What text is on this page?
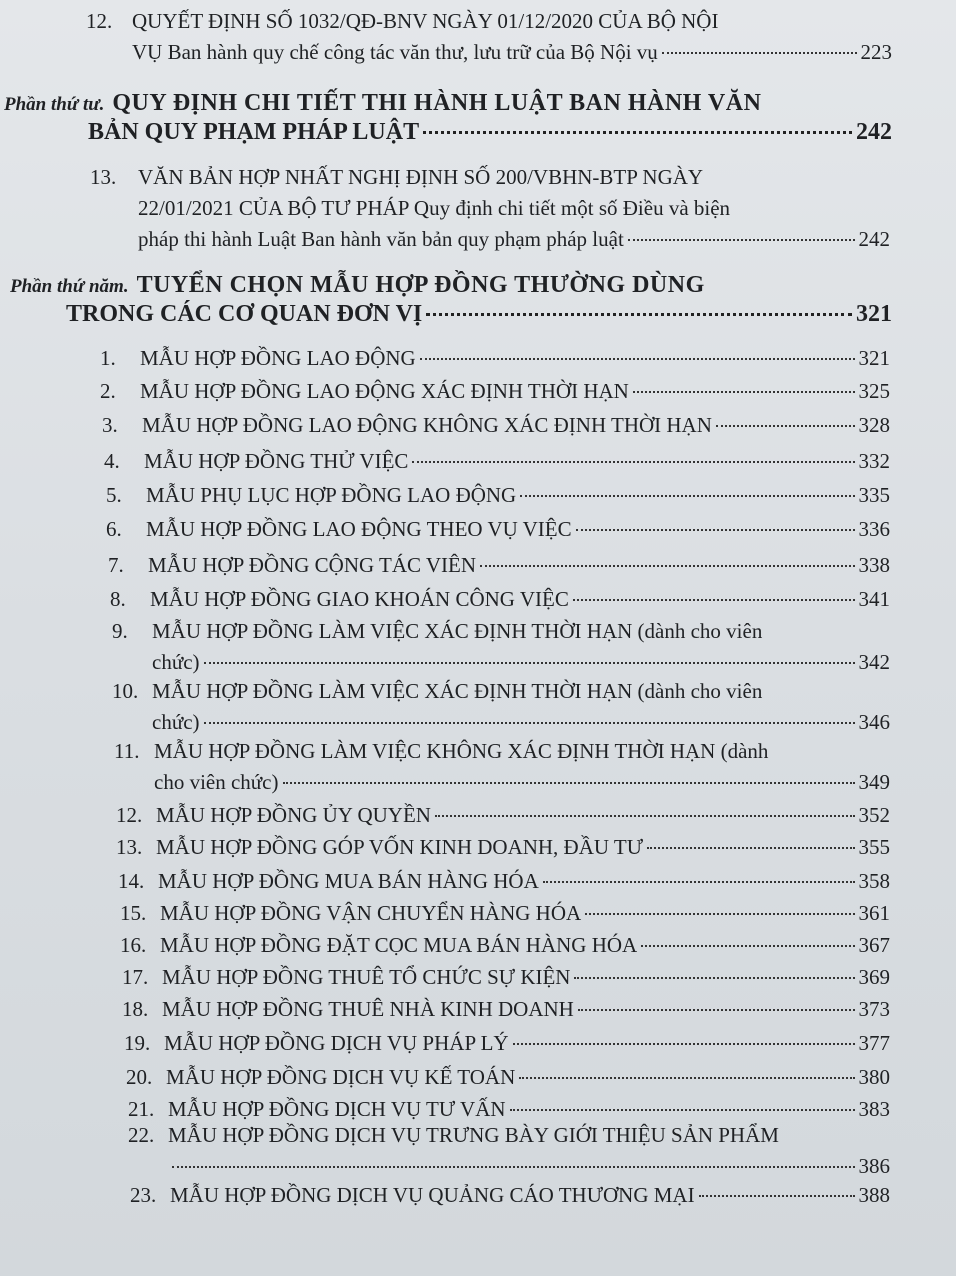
12. QUYẾT ĐỊNH SỐ 1032/QĐ-BNV NGÀY 01/12/2020 CỦA BỘ NỘI
VỤ Ban hành quy chế công tác văn thư, lưu trữ của Bộ Nội vụ	223
Phần thứ tư. QUY ĐỊNH CHI TIẾT THI HÀNH LUẬT BAN HÀNH VĂN
BẢN QUY PHẠM PHÁP LUẬT	242
13.	VĂN BẢN HỢP NHẤT NGHỊ ĐỊNH SỐ 200/VBHN-BTP NGÀY
22/01/2021 CỦA BỘ TƯ PHÁP Quy định chi tiết một số Điều và biện
pháp thi hành Luật Ban hành văn bản quy phạm pháp luật	242
Phần thứ năm. TUYỂN CHỌN MẪU HỢP ĐỒNG THƯỜNG DÙNG
TRONG CÁC CƠ QUAN ĐƠN VỊ	321
1.	MẪU HỢP ĐỒNG LAO ĐỘNG	321
2.	MẪU HỢP ĐỒNG LAO ĐỘNG XÁC ĐỊNH THỜI HẠN	325
3.	MẪU HỢP ĐỒNG LAO ĐỘNG KHÔNG XÁC ĐỊNH THỜI HẠN	328
4.	MẪU HỢP ĐỒNG THỬ VIỆC	332
5.	MẪU PHỤ LỤC HỢP ĐỒNG LAO ĐỘNG	335
6.	MẪU HỢP ĐỒNG LAO ĐỘNG THEO VỤ VIỆC	336
7.	MẪU HỢP ĐỒNG CỘNG TÁC VIÊN	338
8.	MẪU HỢP ĐỒNG GIAO KHOÁN CÔNG VIỆC	341
9.	MẪU HỢP ĐỒNG LÀM VIỆC XÁC ĐỊNH THỜI HẠN (dành cho viên
chức)	342
10. MẪU HỢP ĐỒNG LÀM VIỆC XÁC ĐỊNH THỜI HẠN (dành cho viên
chức)	346
11. MẪU HỢP ĐỒNG LÀM VIỆC KHÔNG XÁC ĐỊNH THỜI HẠN (dành
cho viên chức)	349
12. MẪU HỢP ĐỒNG ỦY QUYỀN	352
13. MẪU HỢP ĐỒNG GÓP VỐN KINH DOANH, ĐẦU TƯ	355
14. MẪU HỢP ĐỒNG MUA BÁN HÀNG HÓA	358
15. MẪU HỢP ĐỒNG VẬN CHUYỂN HÀNG HÓA	361
16. MẪU HỢP ĐỒNG ĐẶT CỌC MUA BÁN HÀNG HÓA	367
17. MẪU HỢP ĐỒNG THUÊ TỔ CHỨC SỰ KIỆN	369
18. MẪU HỢP ĐỒNG THUÊ NHÀ KINH DOANH	373
19. MẪU HỢP ĐỒNG DỊCH VỤ PHÁP LÝ	377
20. MẪU HỢP ĐỒNG DỊCH VỤ KẾ TOÁN	380
21. MẪU HỢP ĐỒNG DỊCH VỤ TƯ VẤN	383
22. MẪU HỢP ĐỒNG DỊCH VỤ TRƯNG BÀY GIỚI THIỆU SẢN PHẨM
386
23. MẪU HỢP ĐỒNG DỊCH VỤ QUẢNG CÁO THƯƠNG MẠI	388
